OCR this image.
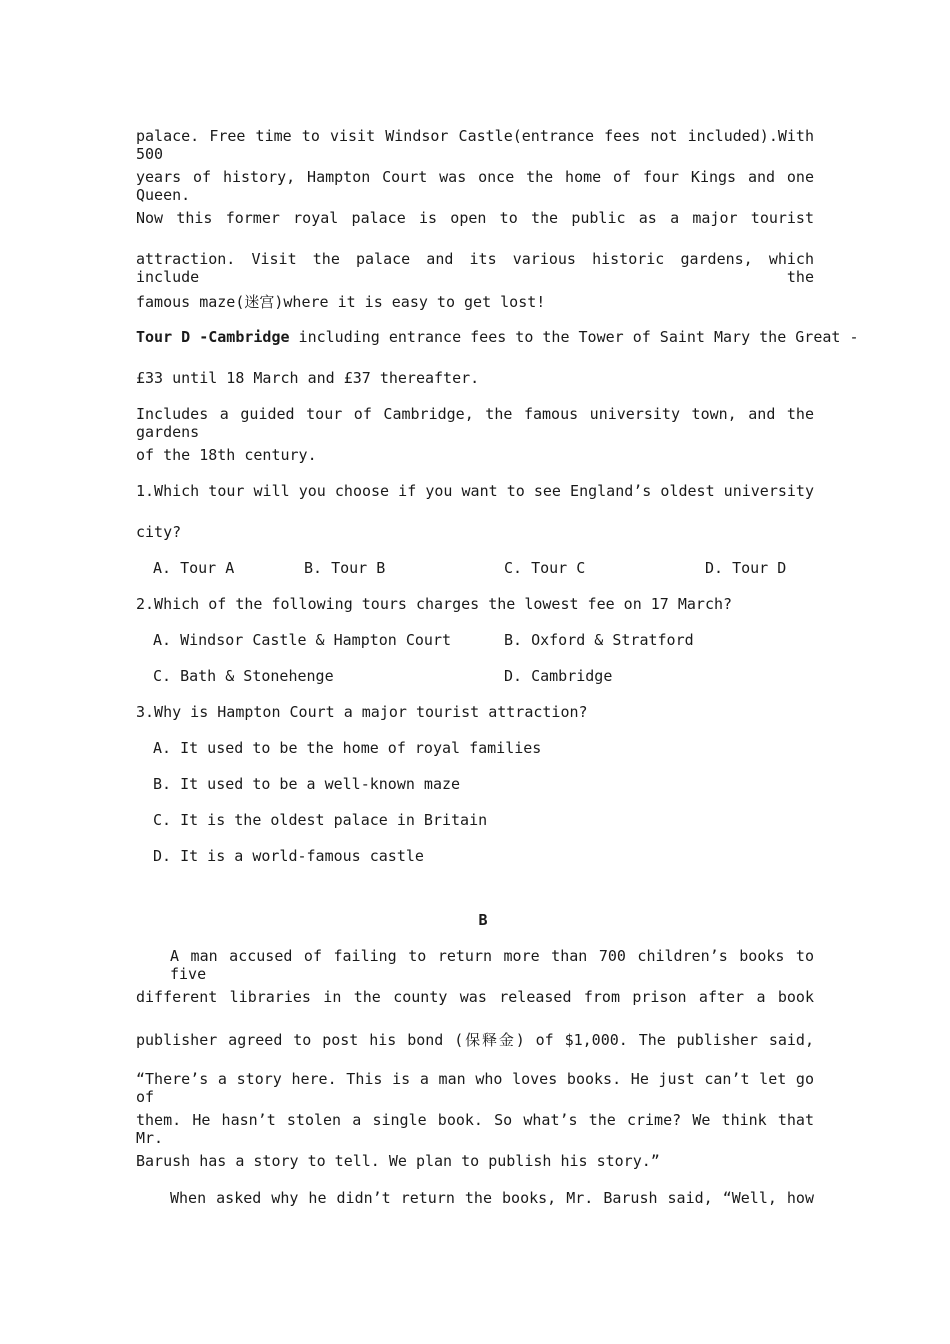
palace. Free time to visit Windsor Castle(entrance fees not included).With 500
years of history, Hampton Court was once the home of four Kings and one Queen.
Now this former royal palace is open to the public as a major tourist
attraction. Visit the palace and its various historic gardens, which include the
famous maze(迷宫)where it is easy to get lost!
Tour D -Cambridge including entrance fees to the Tower of Saint Mary the Great -
£33 until 18 March and £37 thereafter.
Includes a guided tour of Cambridge, the famous university town, and the gardens
of the 18th century.
1.Which tour will you choose if you want to see England’s oldest university
city?
A. Tour A	B. Tour B	C. Tour C	D. Tour D
2.Which of the following tours charges the lowest fee on 17 March?
A. Windsor Castle & Hampton Court	B. Oxford & Stratford
C. Bath & Stonehenge	D. Cambridge
3.Why is Hampton Court a major tourist attraction?
A. It used to be the home of royal families
B. It used to be a well-known maze
C. It is the oldest palace in Britain
D. It is a world-famous castle
B
A man accused of failing to return more than 700 children’s books to five
different libraries in the county was released from prison after a book
publisher agreed to post his bond (保释金) of $1,000. The publisher said,
“There’s a story here. This is a man who loves books. He just can’t let go of
them. He hasn’t stolen a single book. So what’s the crime? We think that Mr.
Barush has a story to tell. We plan to publish his story.”
When asked why he didn’t return the books, Mr. Barush said, “Well, how
